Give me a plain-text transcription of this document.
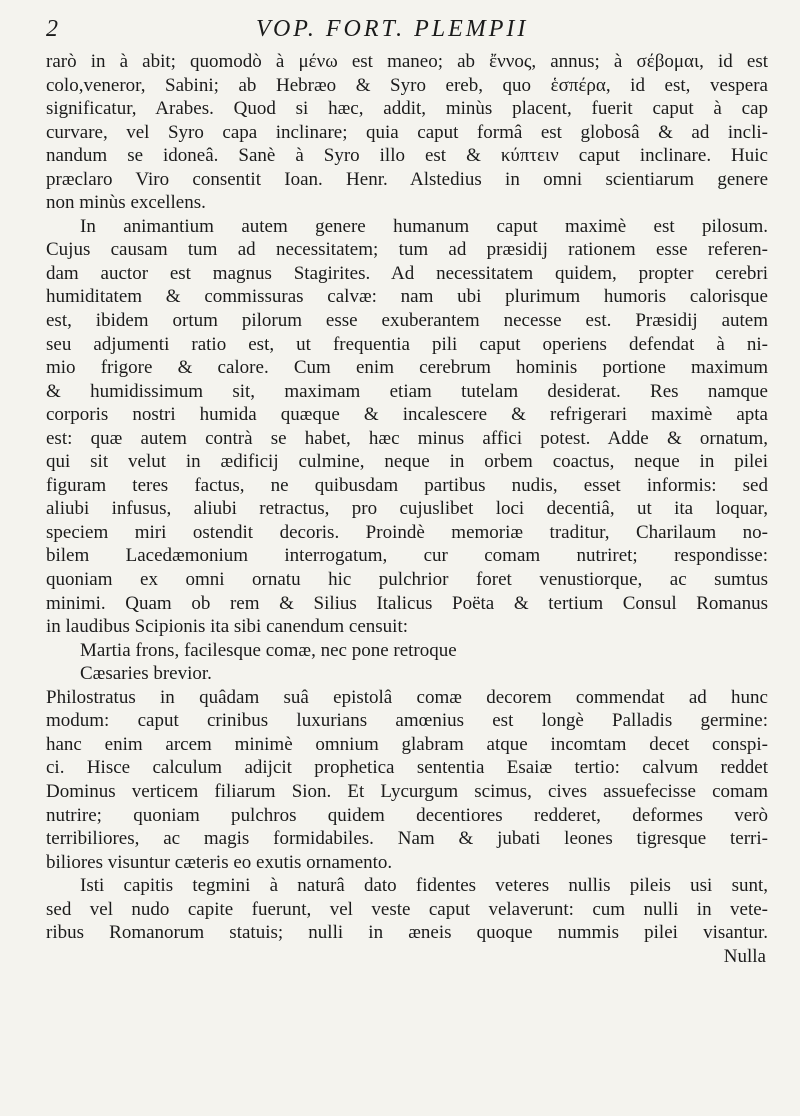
2	VOP. FORT. PLEMPII

rarò in à abit; quomodò à μένω est maneo; ab ἔννος, annus; à σέβομαι, id est
colo,veneror, Sabini; ab Hebræo & Syro ereb, quo ἑσπέρα, id est, vespera
significatur, Arabes. Quod si hæc, addit, minùs placent, fuerit caput à cap
curvare, vel Syro capa inclinare; quia caput formâ est globosâ & ad incli-
nandum se idoneâ. Sanè à Syro illo est & κύπτειν caput inclinare. Huic
præclaro Viro consentit Ioan. Henr. Alstedius in omni scientiarum genere
non minùs excellens.

In animantium autem genere humanum caput maximè est pilosum.
Cujus causam tum ad necessitatem; tum ad præsidij rationem esse referen-
dam auctor est magnus Stagirites. Ad necessitatem quidem, propter cerebri
humiditatem & commissuras calvæ: nam ubi plurimum humoris calorisque
est, ibidem ortum pilorum esse exuberantem necesse est. Præsidij autem
seu adjumenti ratio est, ut frequentia pili caput operiens defendat à ni-
mio frigore & calore. Cum enim cerebrum hominis portione maximum
& humidissimum sit, maximam etiam tutelam desiderat. Res namque
corporis nostri humida quæque & incalescere & refrigerari maximè apta
est: quæ autem contrà se habet, hæc minus affici potest. Adde & ornatum,
qui sit velut in ædificij culmine, neque in orbem coactus, neque in pilei
figuram teres factus, ne quibusdam partibus nudis, esset informis: sed
aliubi infusus, aliubi retractus, pro cujuslibet loci decentiâ, ut ita loquar,
speciem miri ostendit decoris. Proindè memoriæ traditur, Charilaum no-
bilem Lacedæmonium interrogatum, cur comam nutriret; respondisse:
quoniam ex omni ornatu hic pulchrior foret venustiorque, ac sumtus
minimi. Quam ob rem & Silius Italicus Poëta & tertium Consul Romanus
in laudibus Scipionis ita sibi canendum censuit:

Martia frons, facilesque comæ, nec pone retroque
Cæsaries brevior.

Philostratus in quâdam suâ epistolâ comæ decorem commendat ad hunc
modum: caput crinibus luxurians amœnius est longè Palladis germine:
hanc enim arcem minimè omnium glabram atque incomtam decet conspi-
ci. Hisce calculum adijcit prophetica sententia Esaiæ tertio: calvum reddet
Dominus verticem filiarum Sion. Et Lycurgum scimus, cives assuefecisse comam
nutrire; quoniam pulchros quidem decentiores redderet, deformes verò
terribiliores, ac magis formidabiles. Nam & jubati leones tigresque terri-
biliores visuntur cæteris eo exutis ornamento.

Isti capitis tegmini à naturâ dato fidentes veteres nullis pileis usi sunt,
sed vel nudo capite fuerunt, vel veste caput velaverunt: cum nulli in vete-
ribus Romanorum statuis; nulli in æneis quoque nummis pilei visantur.

Nulla
